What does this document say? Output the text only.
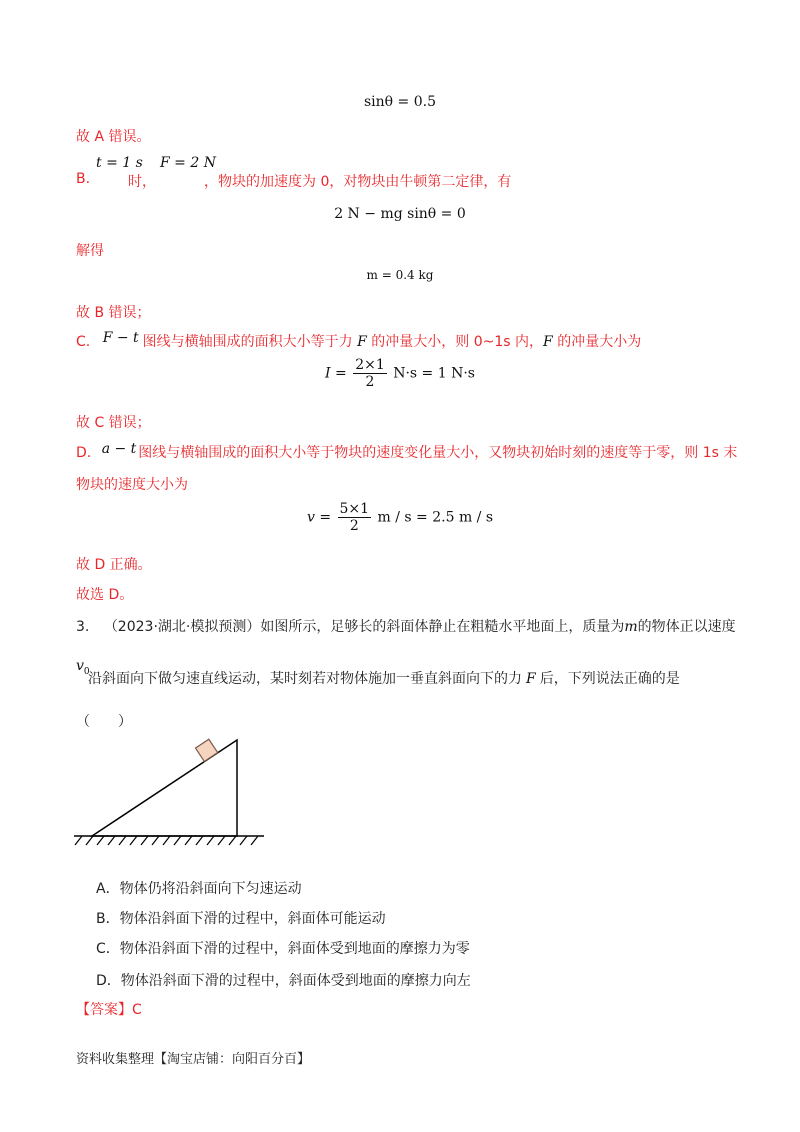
sinθ = 0.5
故 A 错误。
t = 1 s F = 2 N
B.	时，	，物块的加速度为 0，对物块由牛顿第二定律，有
2 N − mg sinθ = 0
解得
m = 0.4 kg
故 B 错误；
C. F − t 图线与横轴围成的面积大小等于力 F 的冲量大小，则 0~1s 内，F 的冲量大小为
$I = \frac{2\times 1}{2} N\cdot s = 1$ N·s
故 C 错误；
D. a − t 图线与横轴围成的面积大小等于物块的速度变化量大小，又物块初始时刻的速度等于零，则 1s 末
物块的速度大小为
$v = \frac{5\times 1}{2}$ m / s = 2.5 m / s
故 D 正确。
故选 D。
3. （2023·湖北·模拟预测）如图所示，足够长的斜面体静止在粗糙水平地面上，质量为m的物体正以速度
$v_0$
沿斜面向下做匀速直线运动，某时刻若对物体施加一垂直斜面向下的力 F 后，下列说法正确的是
（　　）
A．物体仍将沿斜面向下匀速运动
B．物体沿斜面下滑的过程中，斜面体可能运动
C．物体沿斜面下滑的过程中，斜面体受到地面的摩擦力为零
D．物体沿斜面下滑的过程中，斜面体受到地面的摩擦力向左
【答案】C
资料收集整理【淘宝店铺：向阳百分百】
